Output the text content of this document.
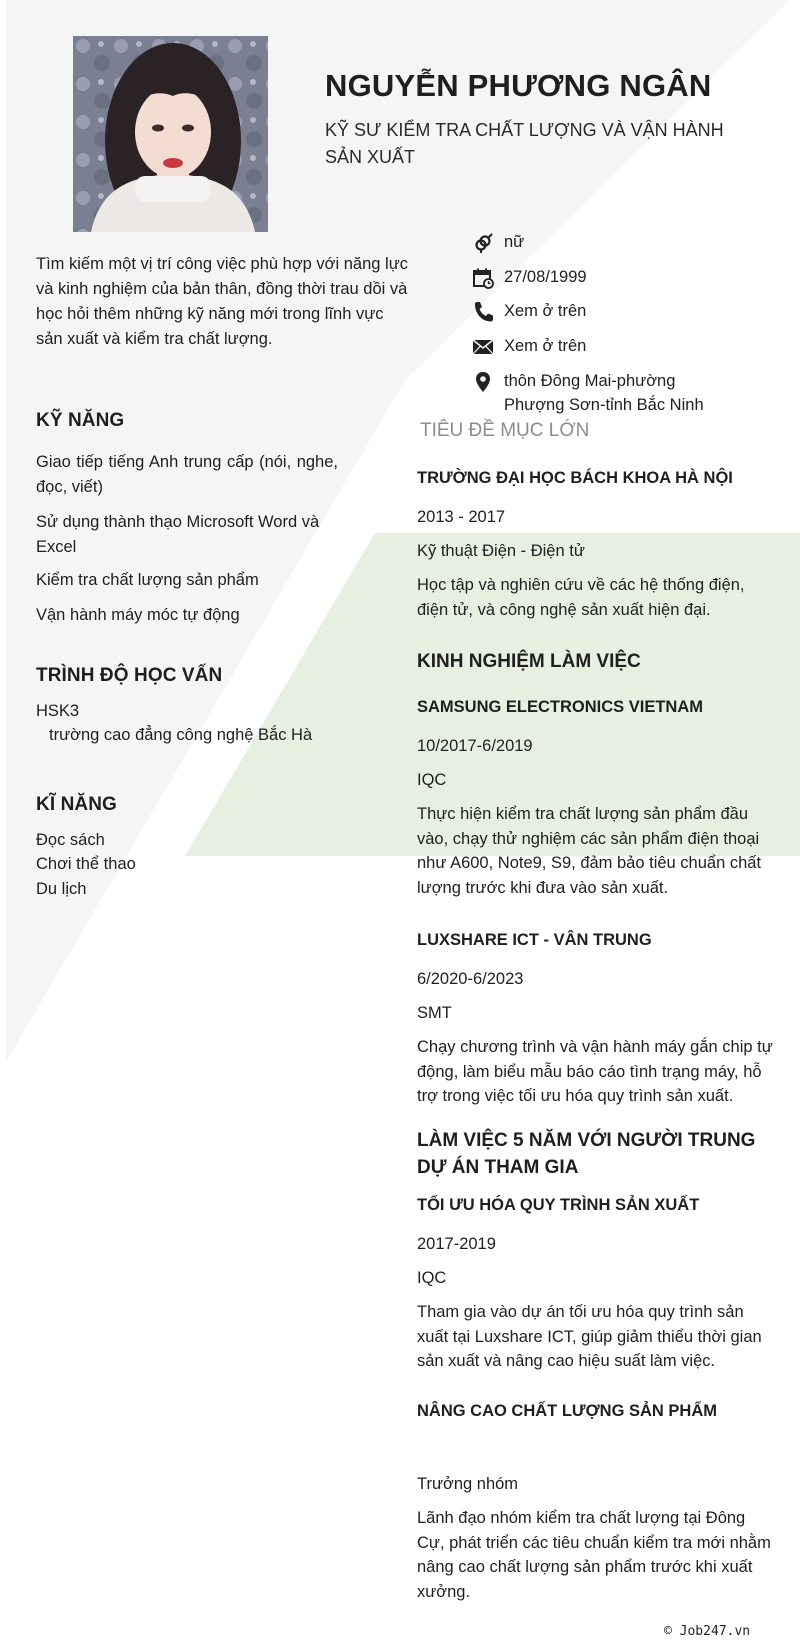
NGUYỄN PHƯƠNG NGÂN
KỸ SƯ KIỂM TRA CHẤT LƯỢNG VÀ VẬN HÀNH
SẢN XUẤT
Tìm kiếm một vị trí công việc phù hợp với năng lực và kinh nghiệm của bản thân, đồng thời trau dồi và học hỏi thêm những kỹ năng mới trong lĩnh vực sản xuất và kiểm tra chất lượng.
nữ
27/08/1999
Xem ở trên
Xem ở trên
thôn Đông Mai-phường
Phượng Sơn-tỉnh Bắc Ninh
KỸ NĂNG
Giao tiếp tiếng Anh trung cấp (nói, nghe, đọc, viết)
Sử dụng thành thạo Microsoft Word và Excel
Kiểm tra chất lượng sản phẩm
Vận hành máy móc tự động
TRÌNH ĐỘ HỌC VẤN
HSK3
trường cao đẳng công nghệ Bắc Hà
KĨ NĂNG
Đọc sách
Chơi thể thao
Du lịch
TIÊU ĐỀ MỤC LỚN
TRƯỜNG ĐẠI HỌC BÁCH KHOA HÀ NỘI
2013 - 2017
Kỹ thuật Điện - Điện tử
Học tập và nghiên cứu về các hệ thống điện, điện tử, và công nghệ sản xuất hiện đại.
KINH NGHIỆM LÀM VIỆC
SAMSUNG ELECTRONICS VIETNAM
10/2017-6/2019
IQC
Thực hiện kiểm tra chất lượng sản phẩm đầu vào, chạy thử nghiệm các sản phẩm điện thoại như A600, Note9, S9, đảm bảo tiêu chuẩn chất lượng trước khi đưa vào sản xuất.
LUXSHARE ICT - VÂN TRUNG
6/2020-6/2023
SMT
Chạy chương trình và vận hành máy gắn chip tự động, làm biểu mẫu báo cáo tình trạng máy, hỗ trợ trong việc tối ưu hóa quy trình sản xuất.
LÀM VIỆC 5 NĂM VỚI NGƯỜI TRUNG
DỰ ÁN THAM GIA
TỐI ƯU HÓA QUY TRÌNH SẢN XUẤT
2017-2019
IQC
Tham gia vào dự án tối ưu hóa quy trình sản xuất tại Luxshare ICT, giúp giảm thiểu thời gian sản xuất và nâng cao hiệu suất làm việc.
NÂNG CAO CHẤT LƯỢNG SẢN PHẨM
Trưởng nhóm
Lãnh đạo nhóm kiểm tra chất lượng tại Đông Cự, phát triển các tiêu chuẩn kiểm tra mới nhằm nâng cao chất lượng sản phẩm trước khi xuất xưởng.
© Job247.vn
